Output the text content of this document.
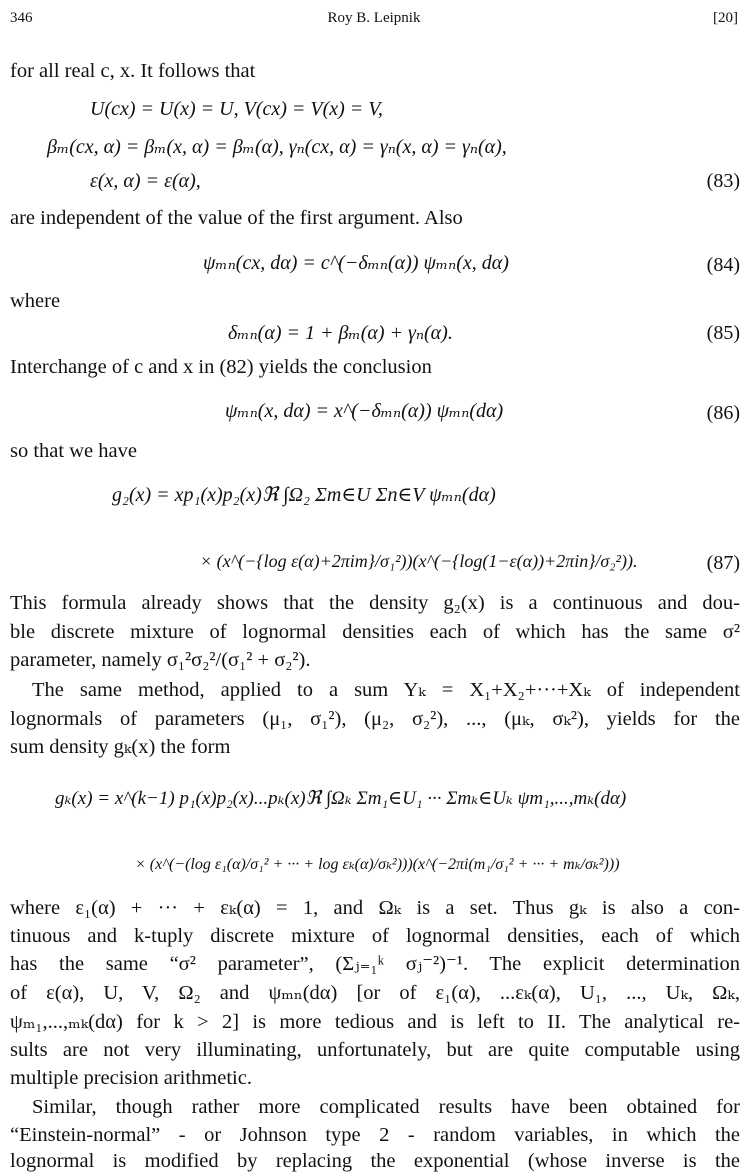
346	Roy B. Leipnik	[20]
for all real c, x. It follows that
U(cx) = U(x) = U, V(cx) = V(x) = V,
βₘ(cx, α) = βₘ(x, α) = βₘ(α), γₙ(cx, α) = γₙ(x, α) = γₙ(α),
ε(x, α) = ε(α),	(83)
are independent of the value of the first argument. Also
ψₘₙ(cx, dα) = c^(−δₘₙ(α)) ψₘₙ(x, dα)	(84)
where
δₘₙ(α) = 1 + βₘ(α) + γₙ(α).	(85)
Interchange of c and x in (82) yields the conclusion
ψₘₙ(x, dα) = x^(−δₘₙ(α)) ψₘₙ(dα)	(86)
so that we have
g₂(x) = xp₁(x)p₂(x)ℜ ∫Ω₂ Σm∈U Σn∈V ψₘₙ(dα)
× (x^(−{log ε(α)+2πim}/σ₁²))(x^(−{log(1−ε(α))+2πin}/σ₂²)).	(87)
This formula already shows that the density g₂(x) is a continuous and dou-
ble discrete mixture of lognormal densities each of which has the same σ²
parameter, namely σ₁²σ₂²/(σ₁² + σ₂²).
The same method, applied to a sum Yₖ = X₁+X₂+···+Xₖ of independent
lognormals of parameters (μ₁, σ₁²), (μ₂, σ₂²), ..., (μₖ, σₖ²), yields for the
sum density gₖ(x) the form
gₖ(x) = x^(k−1) p₁(x)p₂(x)...pₖ(x)ℜ ∫Ωₖ Σm₁∈U₁ ··· Σmₖ∈Uₖ ψm₁,...,mₖ(dα)
× (x^(−(log ε₁(α)/σ₁² + ··· + log εₖ(α)/σₖ²)))(x^(−2πi(m₁/σ₁² + ··· + mₖ/σₖ²)))
where ε₁(α) + ··· + εₖ(α) = 1, and Ωₖ is a set. Thus gₖ is also a con-
tinuous and k-tuply discrete mixture of lognormal densities, each of which
has the same “σ² parameter”, (Σⱼ₌₁ᵏ σⱼ⁻²)⁻¹. The explicit determination
of ε(α), U, V, Ω₂ and ψₘₙ(dα) [or of ε₁(α), ...εₖ(α), U₁, ..., Uₖ, Ωₖ,
ψₘ₁,...,ₘₖ(dα) for k > 2] is more tedious and is left to II. The analytical re-
sults are not very illuminating, unfortunately, but are quite computable using
multiple precision arithmetic.
Similar, though rather more complicated results have been obtained for
“Einstein-normal” - or Johnson type 2 - random variables, in which the
lognormal is modified by replacing the exponential (whose inverse is the
